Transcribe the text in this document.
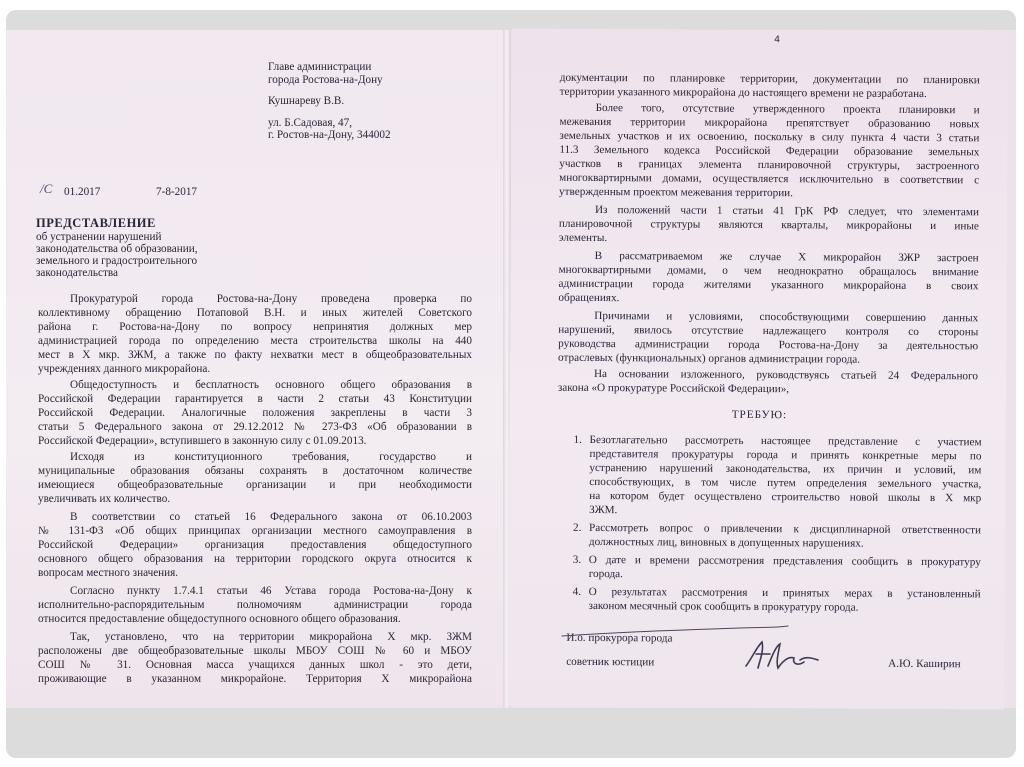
Главе администрации
города Ростова-на-Дону
Кушнареву В.В.
ул. Б.Садовая, 47,
г. Ростов-на-Дону, 344002
/С 01.2017	7-8-2017
ПРЕДСТАВЛЕНИЕ
об устранении нарушений
законодательства об образовании,
земельного и градостроительного
законодательства
Прокуратурой города Ростова-на-Дону проведена проверка по
коллективному обращению Потаповой В.Н. и иных жителей Советского
района г. Ростова-на-Дону по вопросу непринятия должных мер
администрацией города по определению места строительства школы на 440
мест в Х мкр. ЗЖМ, а также по факту нехватки мест в общеобразовательных
учреждениях данного микрорайона.
Общедоступность и бесплатность основного общего образования в
Российской Федерации гарантируется в части 2 статьи 43 Конституции
Российской Федерации. Аналогичные положения закреплены в части 3
статьи 5 Федерального закона от 29.12.2012 № 273-ФЗ «Об образовании в
Российской Федерации», вступившего в законную силу с 01.09.2013.
Исходя из конституционного требования, государство и
муниципальные образования обязаны сохранять в достаточном количестве
имеющиеся общеобразовательные организации и при необходимости
увеличивать их количество.
В соответствии со статьей 16 Федерального закона от 06.10.2003
№ 131-ФЗ «Об общих принципах организации местного самоуправления в
Российской Федерации» организация предоставления общедоступного
основного общего образования на территории городского округа относится к
вопросам местного значения.
Согласно пункту 1.7.4.1 статьи 46 Устава города Ростова-на-Дону к
исполнительно-распорядительным полномочиям администрации города
относится предоставление общедоступного основного общего образования.
Так, установлено, что на территории микрорайона Х мкр. ЗЖМ
расположены две общеобразовательные школы МБОУ СОШ № 60 и МБОУ
СОШ № 31. Основная масса учащихся данных школ - это дети,
проживающие в указанном микрорайоне. Территория Х микрорайона
4
документации по планировке территории, документации по планировки
территории указанного микрорайона до настоящего времени не разработана.
Более того, отсутствие утвержденного проекта планировки и
межевания территории микрорайона препятствует образованию новых
земельных участков и их освоению, поскольку в силу пункта 4 части 3 статьи
11.3 Земельного кодекса Российской Федерации образование земельных
участков в границах элемента планировочной структуры, застроенного
многоквартирными домами, осуществляется исключительно в соответствии с
утвержденным проектом межевания территории.
Из положений части 1 статьи 41 ГрК РФ следует, что элементами
планировочной структуры являются кварталы, микрорайоны и иные
элементы.
В рассматриваемом же случае Х микрорайон ЗЖР застроен
многоквартирными домами, о чем неоднократно обращалось внимание
администрации города жителями указанного микрорайона в своих
обращениях.
Причинами и условиями, способствующими совершению данных
нарушений, явилось отсутствие надлежащего контроля со стороны
руководства администрации города Ростова-на-Дону за деятельностью
отраслевых (функциональных) органов администрации города.
На основании изложенного, руководствуясь статьей 24 Федерального
закона «О прокуратуре Российской Федерации»,
ТРЕБУЮ:
1. Безотлагательно рассмотреть настоящее представление с участием
представителя прокуратуры города и принять конкретные меры по
устранению нарушений законодательства, их причин и условий, им
способствующих, в том числе путем определения земельного участка,
на котором будет осуществлено строительство новой школы в Х мкр
ЗЖМ.
2. Рассмотреть вопрос о привлечении к дисциплинарной ответственности
должностных лиц, виновных в допущенных нарушениях.
3. О дате и времени рассмотрения представления сообщить в прокуратуру
города.
4. О результатах рассмотрения и принятых мерах в установленный
законом месячный срок сообщить в прокуратуру города.
И.о. прокурора города
советник юстиции	А.Ю. Каширин
